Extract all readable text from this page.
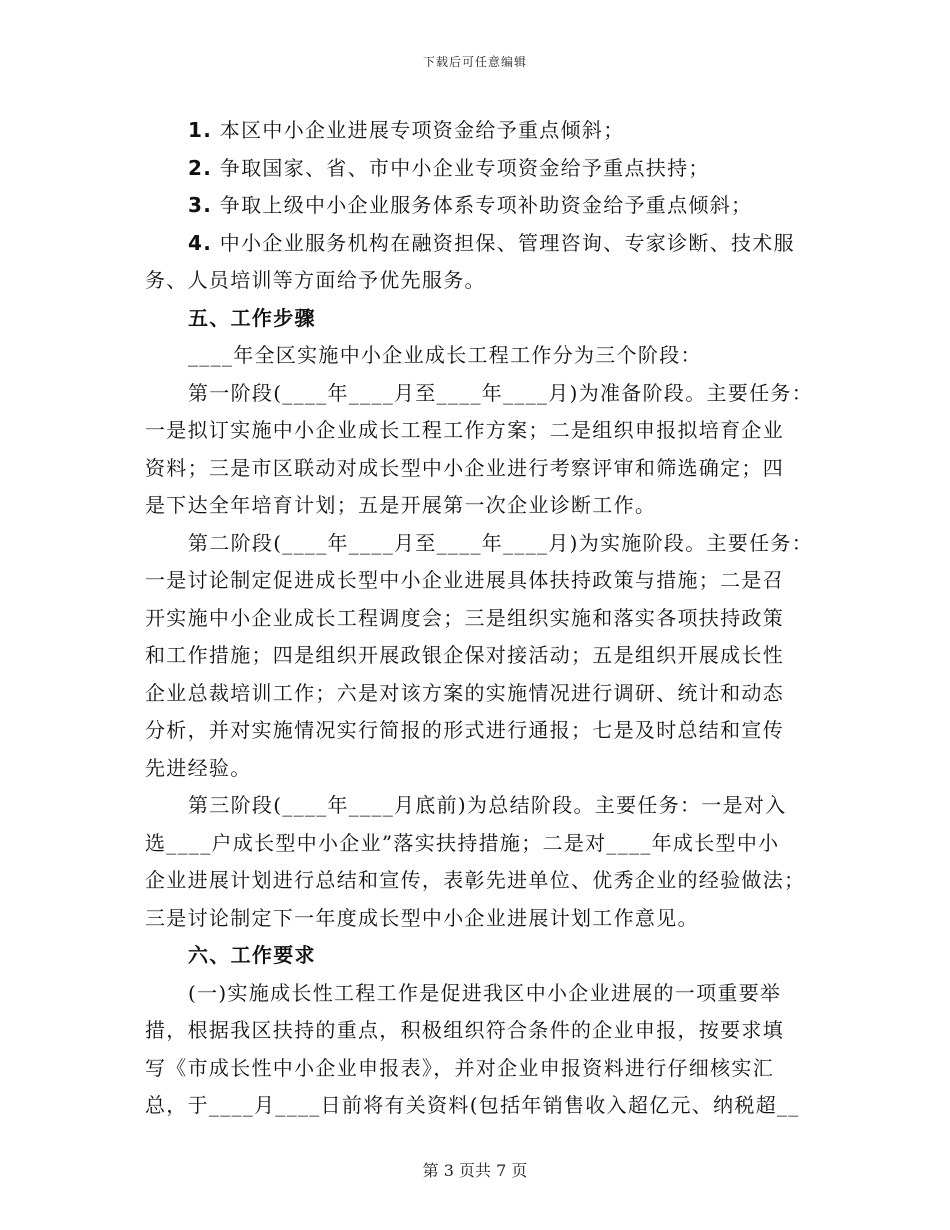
下载后可任意编辑
1. 本区中小企业进展专项资金给予重点倾斜；
2. 争取国家、省、市中小企业专项资金给予重点扶持；
3. 争取上级中小企业服务体系专项补助资金给予重点倾斜；
4. 中小企业服务机构在融资担保、管理咨询、专家诊断、技术服
务、人员培训等方面给予优先服务。
五、工作步骤
____年全区实施中小企业成长工程工作分为三个阶段：
第一阶段(____年____月至____年____月)为准备阶段。主要任务：
一是拟订实施中小企业成长工程工作方案；二是组织申报拟培育企业
资料；三是市区联动对成长型中小企业进行考察评审和筛选确定；四
是下达全年培育计划；五是开展第一次企业诊断工作。
第二阶段(____年____月至____年____月)为实施阶段。主要任务：
一是讨论制定促进成长型中小企业进展具体扶持政策与措施；二是召
开实施中小企业成长工程调度会；三是组织实施和落实各项扶持政策
和工作措施；四是组织开展政银企保对接活动；五是组织开展成长性
企业总裁培训工作；六是对该方案的实施情况进行调研、统计和动态
分析，并对实施情况实行简报的形式进行通报；七是及时总结和宣传
先进经验。
第三阶段(____年____月底前)为总结阶段。主要任务：一是对入
选____户成长型中小企业”落实扶持措施；二是对____年成长型中小
企业进展计划进行总结和宣传，表彰先进单位、优秀企业的经验做法；
三是讨论制定下一年度成长型中小企业进展计划工作意见。
六、工作要求
(一)实施成长性工程工作是促进我区中小企业进展的一项重要举
措，根据我区扶持的重点，积极组织符合条件的企业申报，按要求填
写《市成长性中小企业申报表》，并对企业申报资料进行仔细核实汇
总，于____月____日前将有关资料(包括年销售收入超亿元、纳税超__
第 3 页共 7 页
